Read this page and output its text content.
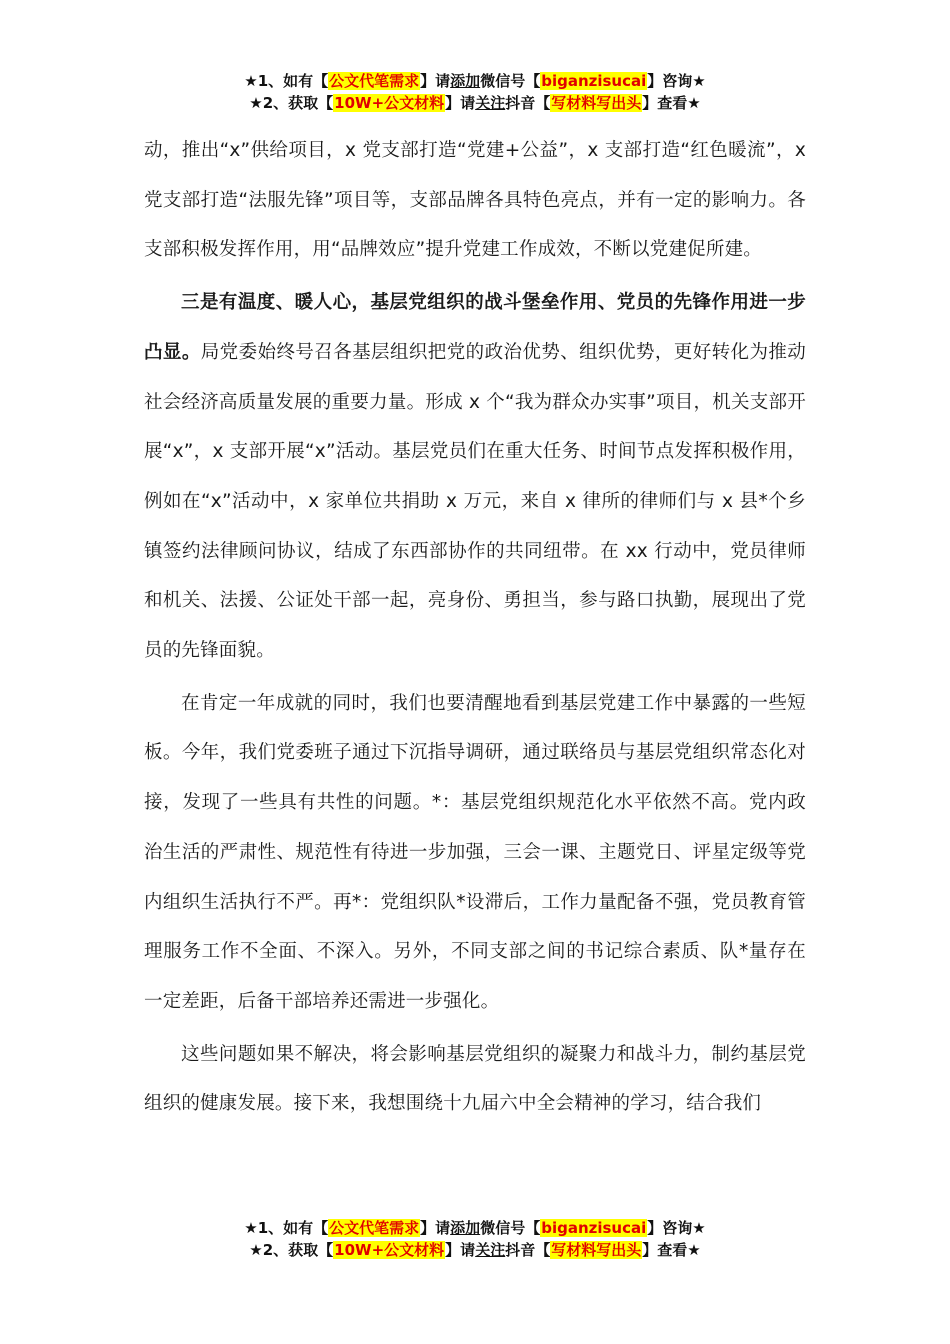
★1、如有【公文代笔需求】请添加微信号【biganzisucai】咨询★
★2、获取【10W+公文材料】请关注抖音【写材料写出头】查看★

动，推出“x”供给项目，x 党支部打造“党建+公益”，x 支部打造“红色暖流”，x 党支部打造“法服先锋”项目等，支部品牌各具特色亮点，并有一定的影响力。各支部积极发挥作用，用“品牌效应”提升党建工作成效，不断以党建促所建。

三是有温度、暖人心，基层党组织的战斗堡垒作用、党员的先锋作用进一步凸显。局党委始终号召各基层组织把党的政治优势、组织优势，更好转化为推动社会经济高质量发展的重要力量。形成 x 个“我为群众办实事”项目，机关支部开展“x”，x 支部开展“x”活动。基层党员们在重大任务、时间节点发挥积极作用，例如在“x”活动中，x 家单位共捐助 x 万元，来自 x 律所的律师们与 x 县*个乡镇签约法律顾问协议，结成了东西部协作的共同纽带。在 xx 行动中，党员律师和机关、法援、公证处干部一起，亮身份、勇担当，参与路口执勤，展现出了党员的先锋面貌。

在肯定一年成就的同时，我们也要清醒地看到基层党建工作中暴露的一些短板。今年，我们党委班子通过下沉指导调研，通过联络员与基层党组织常态化对接，发现了一些具有共性的问题。*：基层党组织规范化水平依然不高。党内政治生活的严肃性、规范性有待进一步加强，三会一课、主题党日、评星定级等党内组织生活执行不严。再*：党组织队*设滞后，工作力量配备不强，党员教育管理服务工作不全面、不深入。另外，不同支部之间的书记综合素质、队*量存在一定差距，后备干部培养还需进一步强化。

这些问题如果不解决，将会影响基层党组织的凝聚力和战斗力，制约基层党组织的健康发展。接下来，我想围绕十九届六中全会精神的学习，结合我们

★1、如有【公文代笔需求】请添加微信号【biganzisucai】咨询★
★2、获取【10W+公文材料】请关注抖音【写材料写出头】查看★
